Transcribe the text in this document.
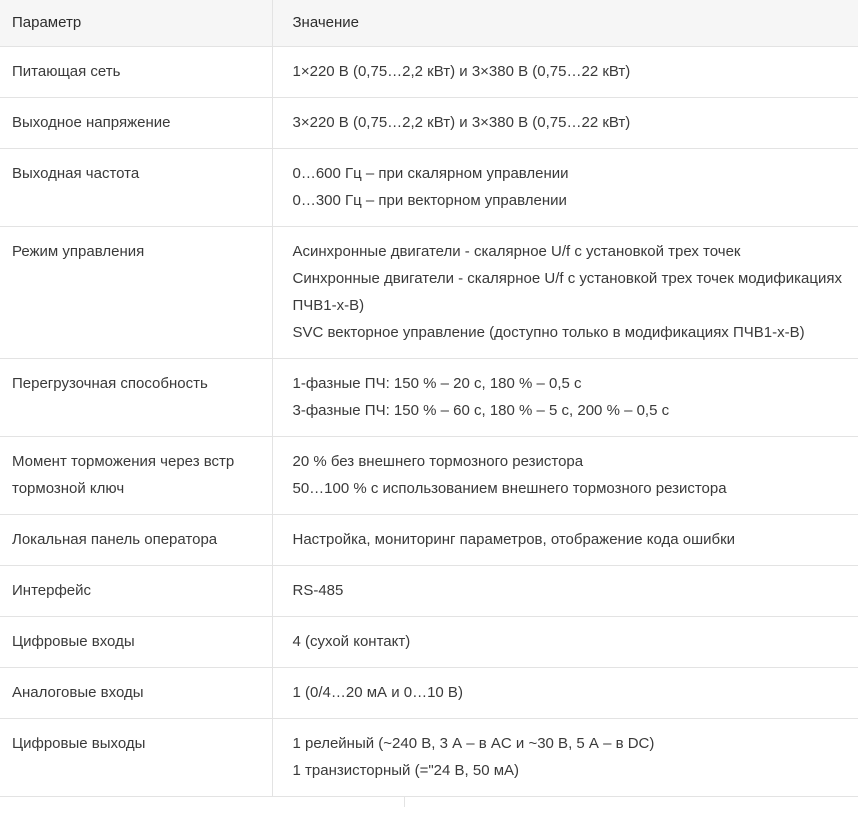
Параметр	Значение
Питающая сеть	1×220 В (0,75…2,2 кВт) и 3×380 В (0,75…22 кВт)

Выходное напряжение	3×220 В (0,75…2,2 кВт) и 3×380 В (0,75…22 кВт)

Выходная частота	0…600 Гц – при скалярном управлении
0…300 Гц – при векторном управлении

Режим управления	Асинхронные двигатели - скалярное U/f с установкой трех точек
Синхронные двигатели - скалярное U/f с установкой трех точек модификациях ПЧВ1-х-В)
SVC векторное управление (доступно только в модификациях ПЧВ1-х-В)

Перегрузочная способность	1-фазные ПЧ: 150 % – 20 с, 180 % – 0,5 с
3-фазные ПЧ: 150 % – 60 с, 180 % – 5 с, 200 % – 0,5 с

Момент торможения через встр тормозной ключ	20 % без внешнего тормозного резистора
50…100 % с использованием внешнего тормозного резистора

Локальная панель оператора	Настройка, мониторинг параметров, отображение кода ошибки

Интерфейс	RS-485

Цифровые входы	4 (сухой контакт)

Аналоговые входы	1 (0/4…20 мА и 0…10 В)

Цифровые выходы	1 релейный (~240 В, 3 А – в AC и ~30 В, 5 А – в DC)
1 транзисторный (="24 В, 50 мА)
